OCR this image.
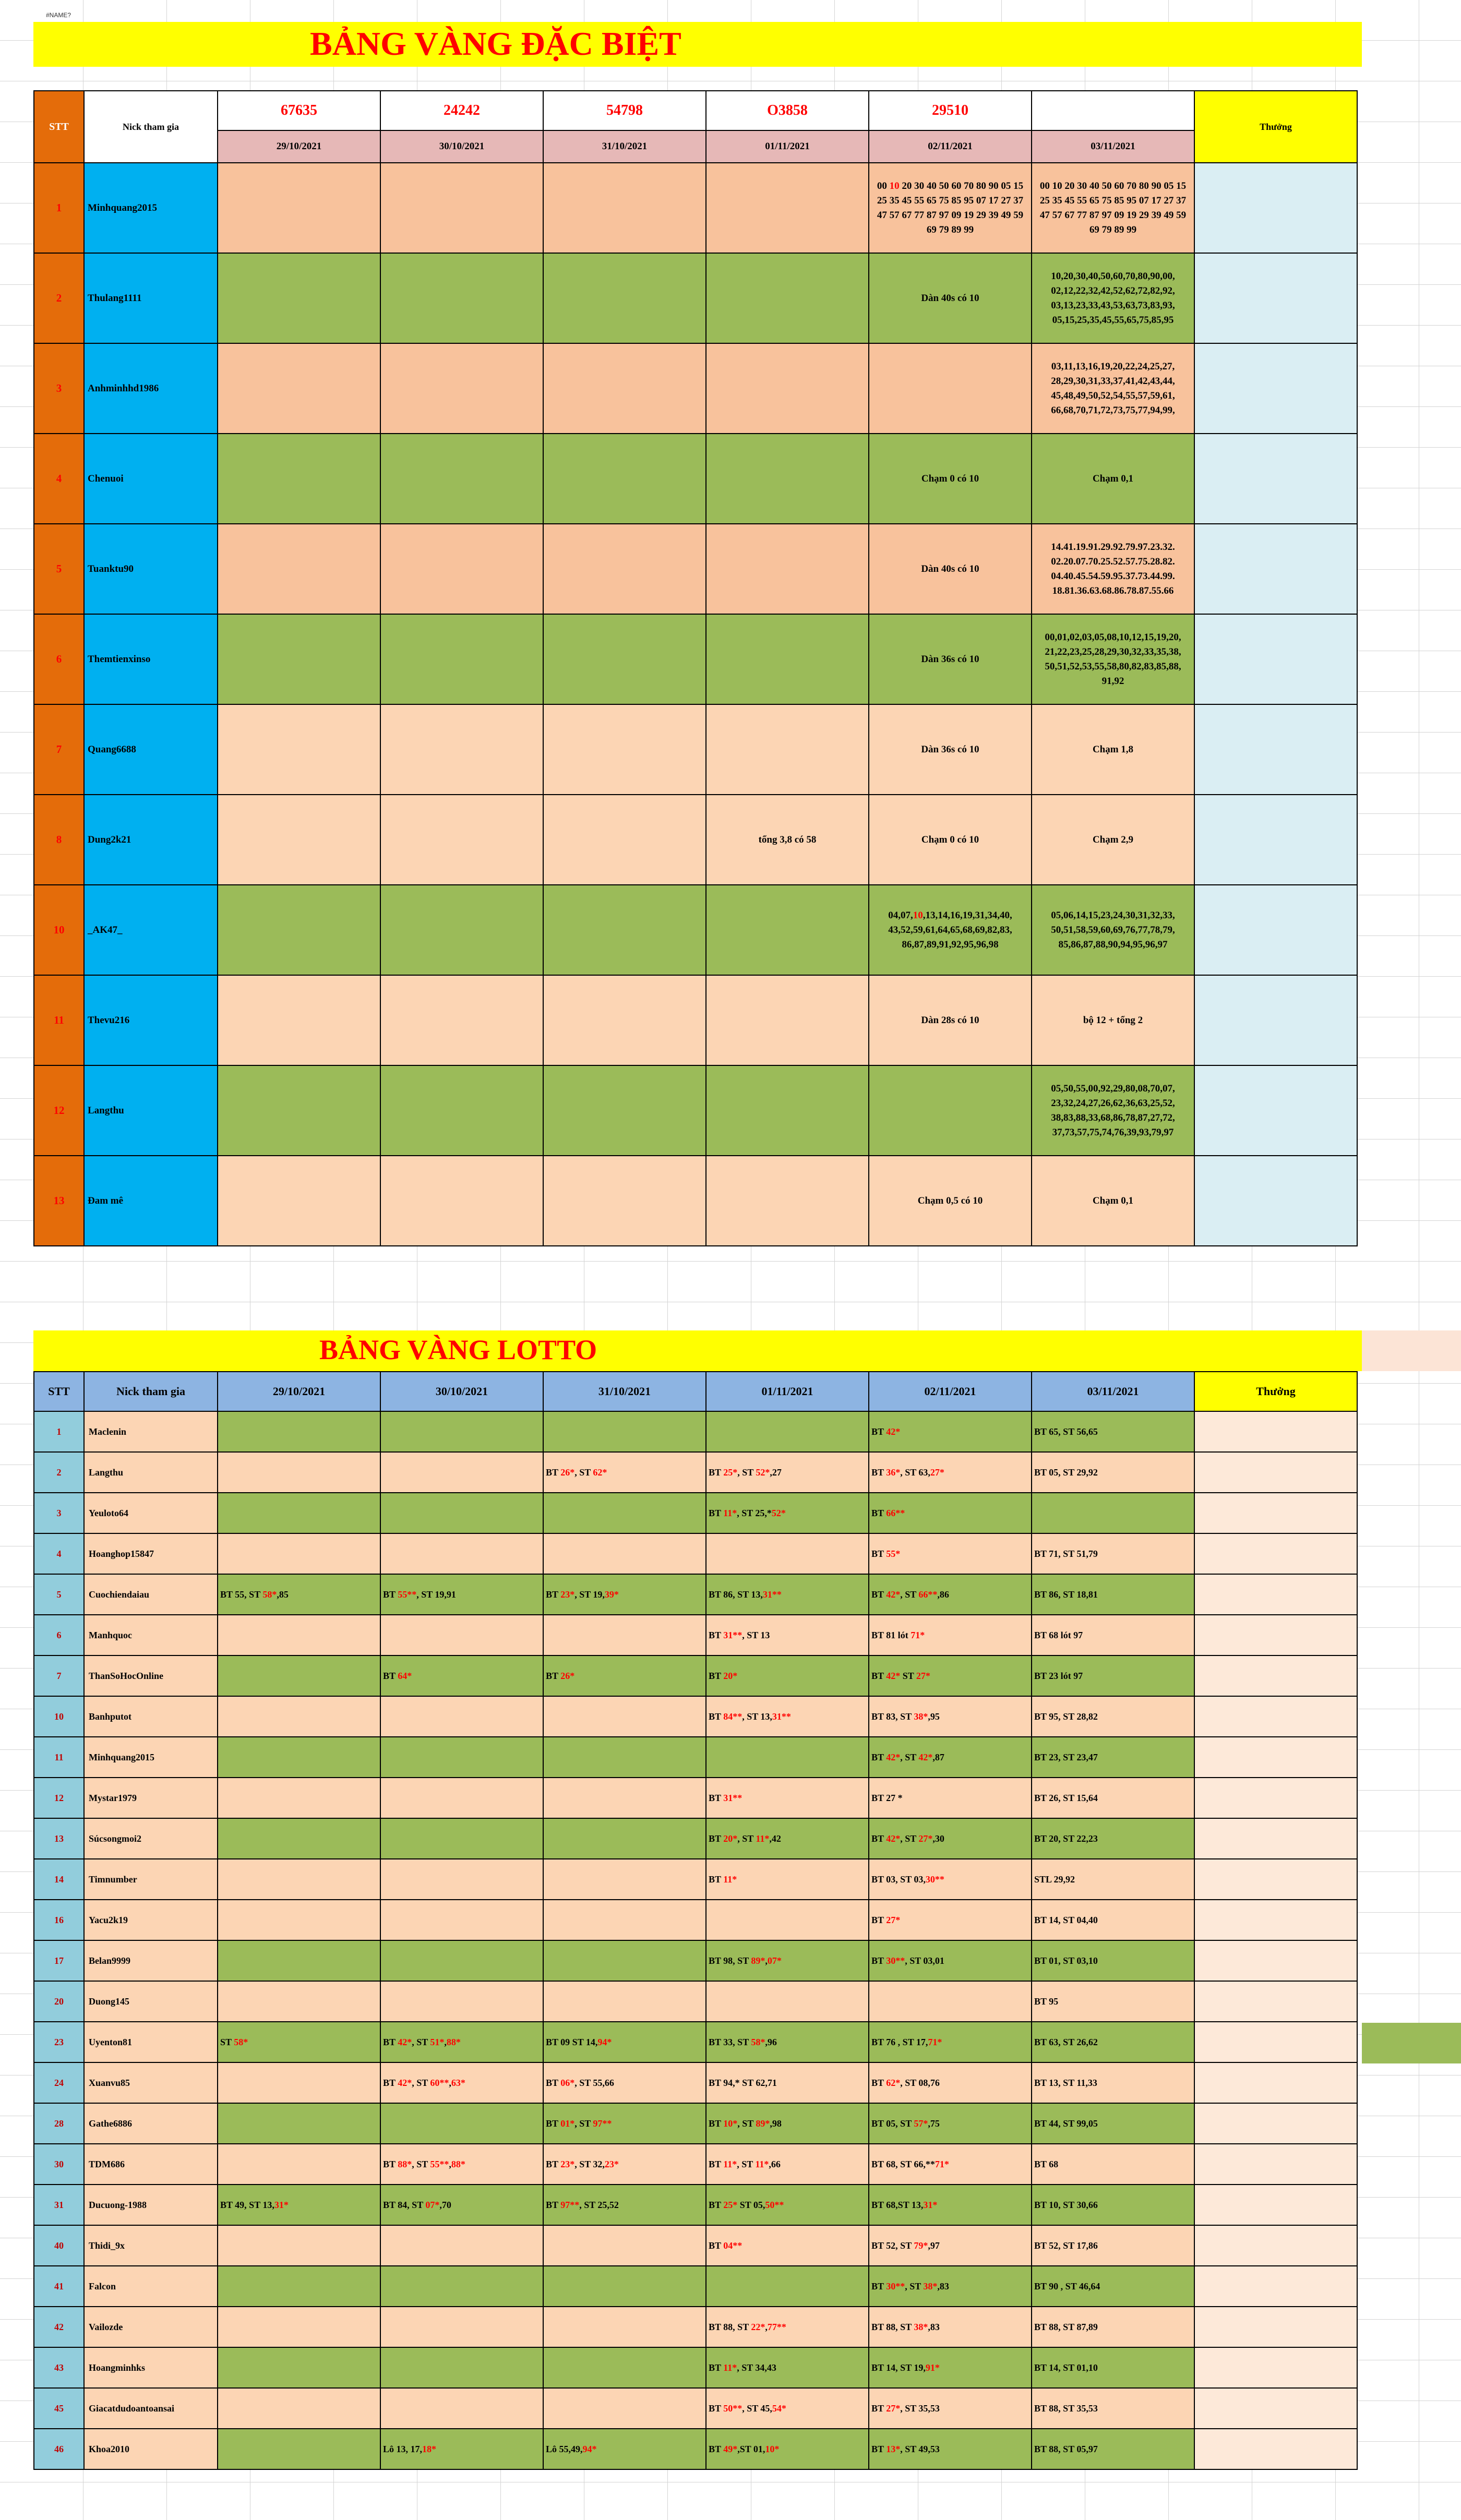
#NAME?
BẢNG VÀNG ĐẶC BIỆT
STT	Nick tham gia	67635	24242	54798	O3858	29510		Thưởng
		29/10/2021	30/10/2021	31/10/2021	01/11/2021	02/11/2021	03/11/2021	
1	Minhquang2015					00 10 20 30 40 50 60 70 80 90 05 15 25 35 45 55 65 75 85 95 07 17 27 37 47 57 67 77 87 97 09 19 29 39 49 59 69 79 89 99	00 10 20 30 40 50 60 70 80 90 05 15 25 35 45 55 65 75 85 95 07 17 27 37 47 57 67 77 87 97 09 19 29 39 49 59 69 79 89 99	
2	Thulang1111					Dàn 40s có 10	10,20,30,40,50,60,70,80,90,00, 02,12,22,32,42,52,62,72,82,92, 03,13,23,33,43,53,63,73,83,93, 05,15,25,35,45,55,65,75,85,95	
3	Anhminhhd1986						03,11,13,16,19,20,22,24,25,27, 28,29,30,31,33,37,41,42,43,44, 45,48,49,50,52,54,55,57,59,61, 66,68,70,71,72,73,75,77,94,99,	
4	Chenuoi					Chạm 0 có 10	Chạm 0,1	
5	Tuanktu90					Dàn 40s có 10	14.41.19.91.29.92.79.97.23.32. 02.20.07.70.25.52.57.75.28.82. 04.40.45.54.59.95.37.73.44.99. 18.81.36.63.68.86.78.87.55.66	
6	Themtienxinso					Dàn 36s có 10	00,01,02,03,05,08,10,12,15,19,20, 21,22,23,25,28,29,30,32,33,35,38, 50,51,52,53,55,58,80,82,83,85,88, 91,92	
7	Quang6688					Dàn 36s có 10	Chạm 1,8	
8	Dung2k21				tổng 3,8 có 58	Chạm 0 có 10	Chạm 2,9	
10	_AK47_					04,07,10,13,14,16,19,31,34,40, 43,52,59,61,64,65,68,69,82,83, 86,87,89,91,92,95,96,98	05,06,14,15,23,24,30,31,32,33, 50,51,58,59,60,69,76,77,78,79, 85,86,87,88,90,94,95,96,97	
11	Thevu216					Dàn 28s có 10	bộ 12 + tổng 2	
12	Langthu						05,50,55,00,92,29,80,08,70,07, 23,32,24,27,26,62,36,63,25,52, 38,83,88,33,68,86,78,87,27,72, 37,73,57,75,74,76,39,93,79,97	
13	Đam mê					Chạm 0,5 có 10	Chạm 0,1	
BẢNG VÀNG LOTTO
STT	Nick tham gia	29/10/2021	30/10/2021	31/10/2021	01/11/2021	02/11/2021	03/11/2021	Thưởng
1	Maclenin					BT 42*	BT 65, ST 56,65	
2	Langthu			BT 26*, ST 62*	BT 25*, ST 52*,27	BT 36*, ST 63,27*	BT 05, ST 29,92	
3	Yeuloto64				BT 11*, ST 25,*52*	BT 66**		
4	Hoanghop15847					BT 55*	BT 71, ST 51,79	
5	Cuochiendaiau	BT 55, ST 58*,85	BT 55**, ST 19,91	BT 23*, ST 19,39*	BT 86, ST 13,31**	BT 42*, ST 66**,86	BT 86, ST 18,81	
6	Manhquoc				BT 31**, ST 13	BT 81 lót 71*	BT 68 lót 97	
7	ThanSoHocOnline		BT 64*	BT 26*	BT 20*	BT 42* ST 27*	BT 23 lót 97	
10	Banhputot				BT 84**, ST 13,31**	BT 83, ST 38*,95	BT 95, ST 28,82	
11	Minhquang2015					BT 42*, ST 42*,87	BT 23, ST 23,47	
12	Mystar1979				BT 31**	BT 27 *	BT 26, ST 15,64	
13	Súcsongmoi2				BT 20*, ST 11*,42	BT 42*, ST 27*,30	BT 20, ST 22,23	
14	Timnumber				BT 11*	BT 03, ST 03,30**	STL 29,92	
16	Yacu2k19					BT 27*	BT 14, ST 04,40	
17	Belan9999				BT 98, ST 89*,07*	BT 30**, ST 03,01	BT 01, ST 03,10	
20	Duong145						BT 95	
23	Uyenton81	ST 58*	BT 42*, ST 51*,88*	BT 09 ST 14,94*	BT 33, ST 58*,96	BT 76 , ST 17,71*	BT 63, ST 26,62	
24	Xuanvu85		BT 42*, ST 60**,63*	BT 06*, ST 55,66	BT 94,* ST 62,71	BT 62*, ST 08,76	BT 13, ST 11,33	
28	Gathe6886			BT 01*, ST 97**	BT 10*, ST 89*,98	BT 05, ST 57*,75	BT 44, ST 99,05	
30	TDM686		BT 88*, ST 55**,88*	BT 23*, ST 32,23*	BT 11*, ST 11*,66	BT 68, ST 66,**71*	BT 68	
31	Ducuong-1988	BT 49, ST 13,31*	BT 84, ST 07*,70	BT 97**, ST 25,52	BT 25* ST 05,50**	BT 68,ST 13,31*	BT 10, ST 30,66	
40	Thidi_9x				BT 04**	BT 52, ST 79*,97	BT 52, ST 17,86	
41	Falcon					BT 30**, ST 38*,83	BT 90 , ST 46,64	
42	Vailozde				BT 88, ST 22*,77**	BT 88, ST 38*,83	BT 88, ST 87,89	
43	Hoangminhks				BT 11*, ST 34,43	BT 14, ST 19,91*	BT 14, ST 01,10	
45	Giacatdudoantoansai				BT 50**, ST 45,54*	BT 27*, ST 35,53	BT 88, ST 35,53	
46	Khoa2010		Lô 13, 17,18*	Lô 55,49,94*	BT 49*,ST 01,10*	BT 13*, ST 49,53	BT 88, ST 05,97	
